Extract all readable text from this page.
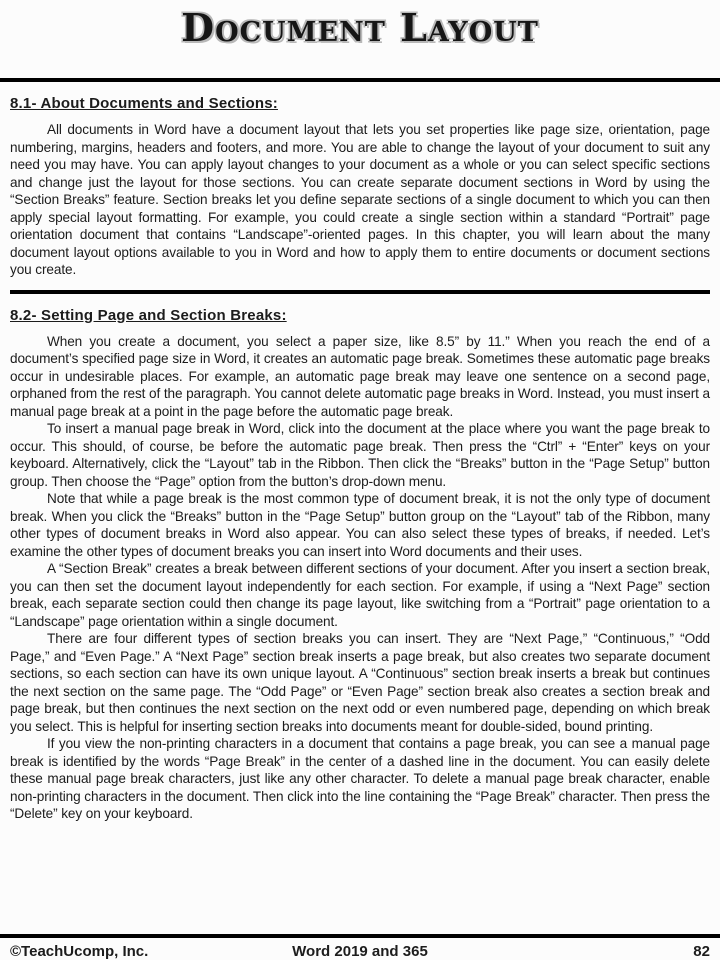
Document Layout
8.1- About Documents and Sections:

All documents in Word have a document layout that lets you set properties like page size, orientation, page numbering, margins, headers and footers, and more. You are able to change the layout of your document to suit any need you may have. You can apply layout changes to your document as a whole or you can select specific sections and change just the layout for those sections. You can create separate document sections in Word by using the “Section Breaks” feature. Section breaks let you define separate sections of a single document to which you can then apply special layout formatting. For example, you could create a single section within a standard “Portrait” page orientation document that contains “Landscape”-oriented pages. In this chapter, you will learn about the many document layout options available to you in Word and how to apply them to entire documents or document sections you create.

8.2- Setting Page and Section Breaks:

When you create a document, you select a paper size, like 8.5” by 11.” When you reach the end of a document’s specified page size in Word, it creates an automatic page break. Sometimes these automatic page breaks occur in undesirable places. For example, an automatic page break may leave one sentence on a second page, orphaned from the rest of the paragraph. You cannot delete automatic page breaks in Word. Instead, you must insert a manual page break at a point in the page before the automatic page break.

To insert a manual page break in Word, click into the document at the place where you want the page break to occur. This should, of course, be before the automatic page break. Then press the “Ctrl” + “Enter” keys on your keyboard. Alternatively, click the “Layout” tab in the Ribbon. Then click the “Breaks” button in the “Page Setup” button group. Then choose the “Page” option from the button’s drop-down menu.

Note that while a page break is the most common type of document break, it is not the only type of document break. When you click the “Breaks” button in the “Page Setup” button group on the “Layout” tab of the Ribbon, many other types of document breaks in Word also appear. You can also select these types of breaks, if needed. Let’s examine the other types of document breaks you can insert into Word documents and their uses.

A “Section Break” creates a break between different sections of your document. After you insert a section break, you can then set the document layout independently for each section. For example, if using a “Next Page” section break, each separate section could then change its page layout, like switching from a “Portrait” page orientation to a “Landscape” page orientation within a single document.

There are four different types of section breaks you can insert. They are “Next Page,” “Continuous,” “Odd Page,” and “Even Page.” A “Next Page” section break inserts a page break, but also creates two separate document sections, so each section can have its own unique layout. A “Continuous” section break inserts a break but continues the next section on the same page. The “Odd Page” or “Even Page” section break also creates a section break and page break, but then continues the next section on the next odd or even numbered page, depending on which break you select. This is helpful for inserting section breaks into documents meant for double-sided, bound printing.

If you view the non-printing characters in a document that contains a page break, you can see a manual page break is identified by the words “Page Break” in the center of a dashed line in the document. You can easily delete these manual page break characters, just like any other character. To delete a manual page break character, enable non-printing characters in the document. Then click into the line containing the “Page Break” character. Then press the “Delete” key on your keyboard.

©TeachUcomp, Inc.	Word 2019 and 365	82
